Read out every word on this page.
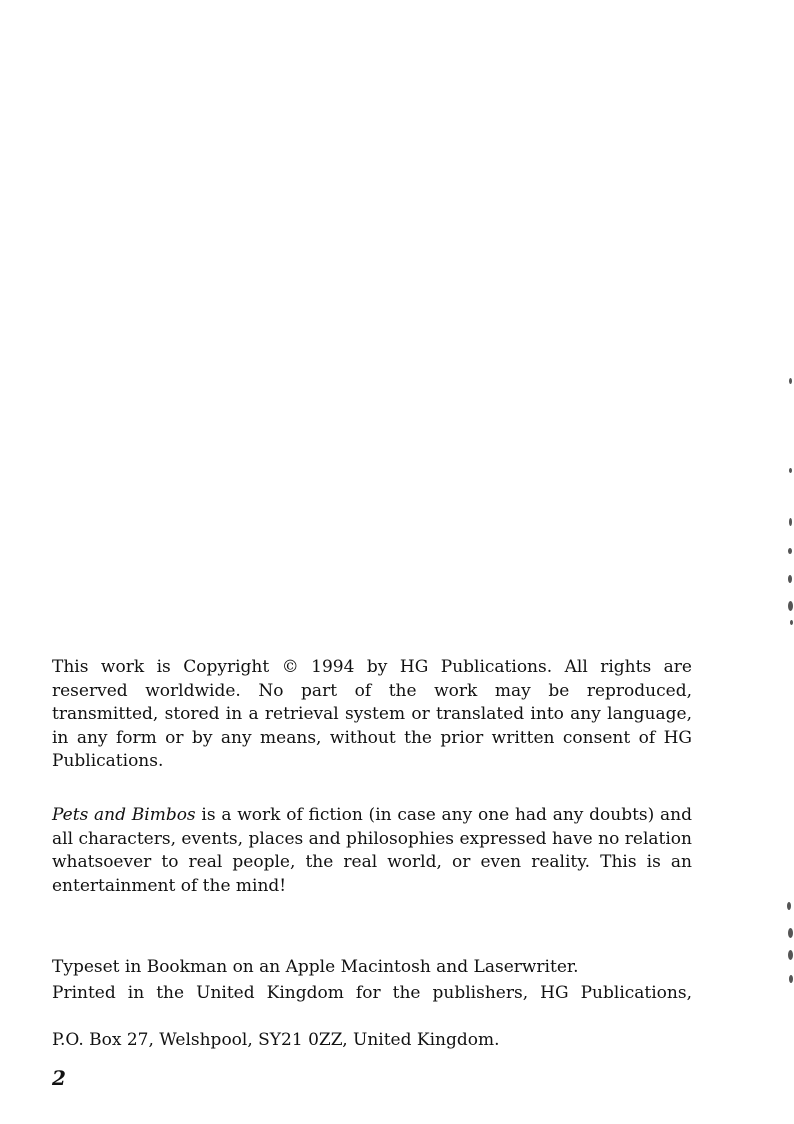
This work is Copyright © 1994 by HG Publications. All rights are reserved worldwide. No part of the work may be reproduced, transmitted, stored in a retrieval system or translated into any language, in any form or by any means, without the prior written consent of HG Publications.

Pets and Bimbos is a work of fiction (in case any one had any doubts) and all characters, events, places and philosophies expressed have no relation whatsoever to real people, the real world, or even reality. This is an entertainment of the mind!

Typeset in Bookman on an Apple Macintosh and Laserwriter.

Printed in the United Kingdom for the publishers, HG Publications,
P.O. Box 27, Welshpool, SY21 0ZZ, United Kingdom.

2
